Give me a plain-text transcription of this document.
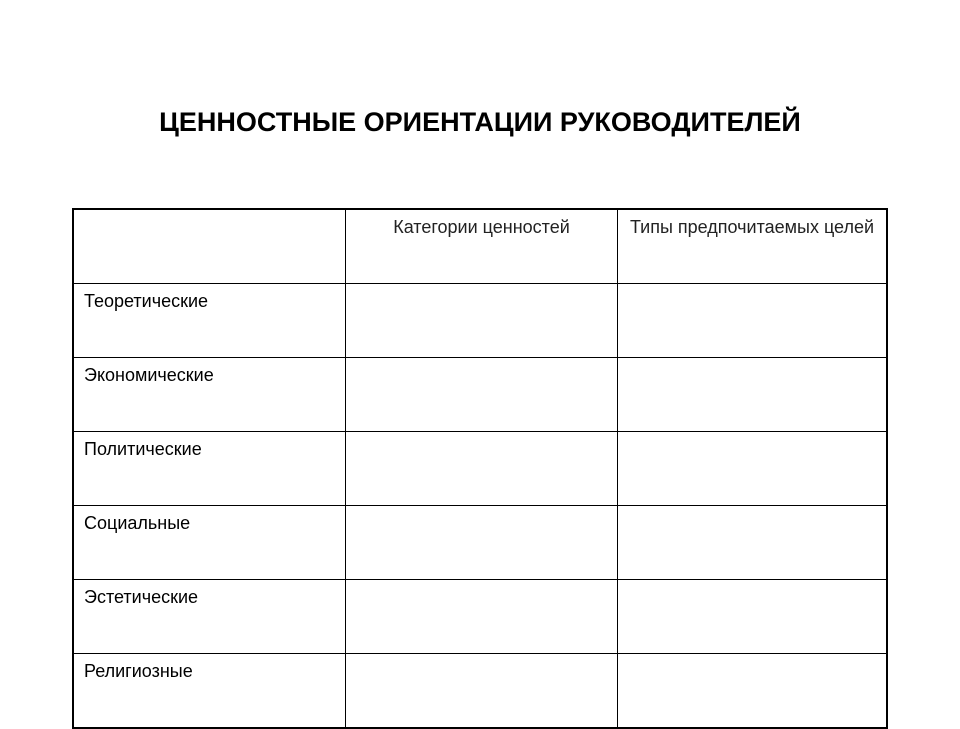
ЦЕННОСТНЫЕ ОРИЕНТАЦИИ РУКОВОДИТЕЛЕЙ
	Категории ценностей	Типы предпочитаемых целей
Теоретические		
Экономические		
Политические		
Социальные		
Эстетические		
Религиозные		
